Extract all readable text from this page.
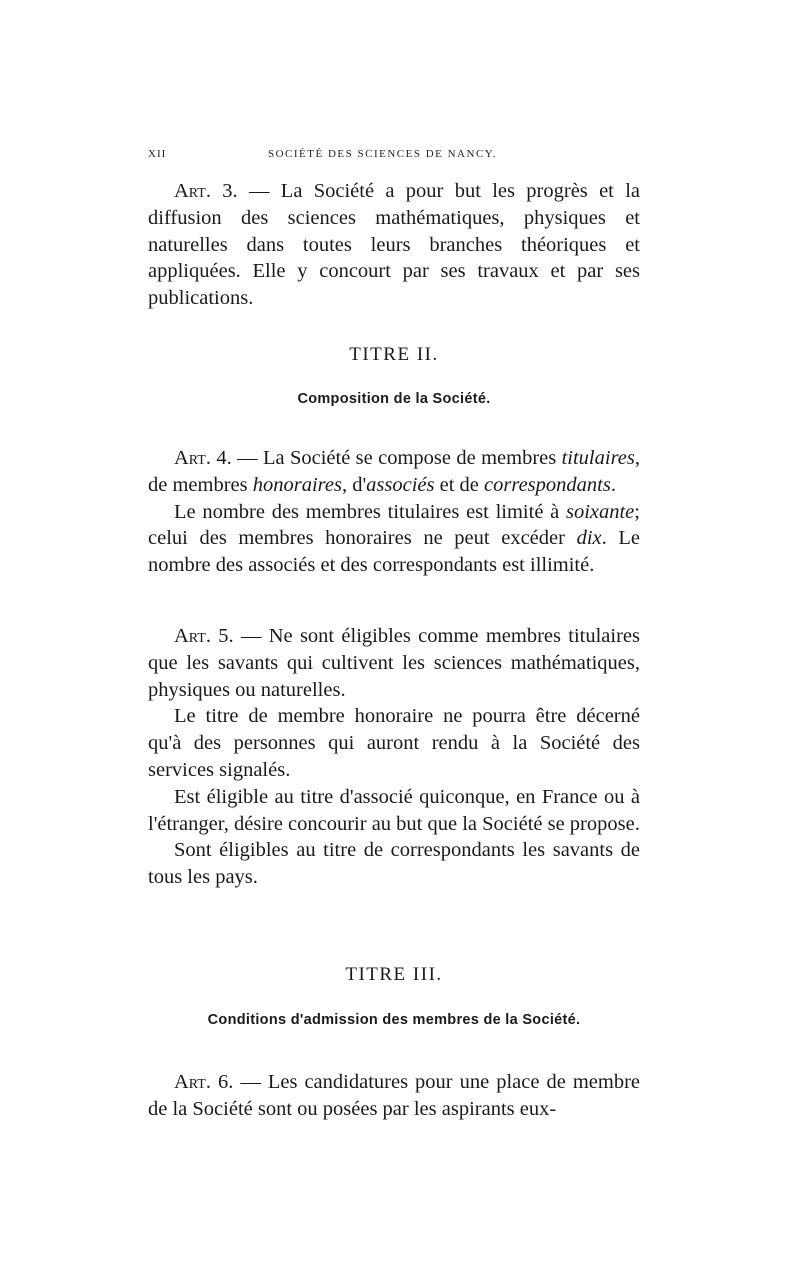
XII	SOCIÉTÉ DES SCIENCES DE NANCY.

Art. 3. — La Société a pour but les progrès et la diffusion des sciences mathématiques, physiques et naturelles dans toutes leurs branches théoriques et appliquées. Elle y concourt par ses travaux et par ses publications.

TITRE II.
Composition de la Société.

Art. 4. — La Société se compose de membres titulaires, de membres honoraires, d'associés et de correspondants.

Le nombre des membres titulaires est limité à soixante; celui des membres honoraires ne peut excéder dix. Le nombre des associés et des correspondants est illimité.

Art. 5. — Ne sont éligibles comme membres titulaires que les savants qui cultivent les sciences mathématiques, physiques ou naturelles.

Le titre de membre honoraire ne pourra être décerné qu'à des personnes qui auront rendu à la Société des services signalés.

Est éligible au titre d'associé quiconque, en France ou à l'étranger, désire concourir au but que la Société se propose.

Sont éligibles au titre de correspondants les savants de tous les pays.

TITRE III.
Conditions d'admission des membres de la Société.

Art. 6. — Les candidatures pour une place de membre de la Société sont ou posées par les aspirants eux-
